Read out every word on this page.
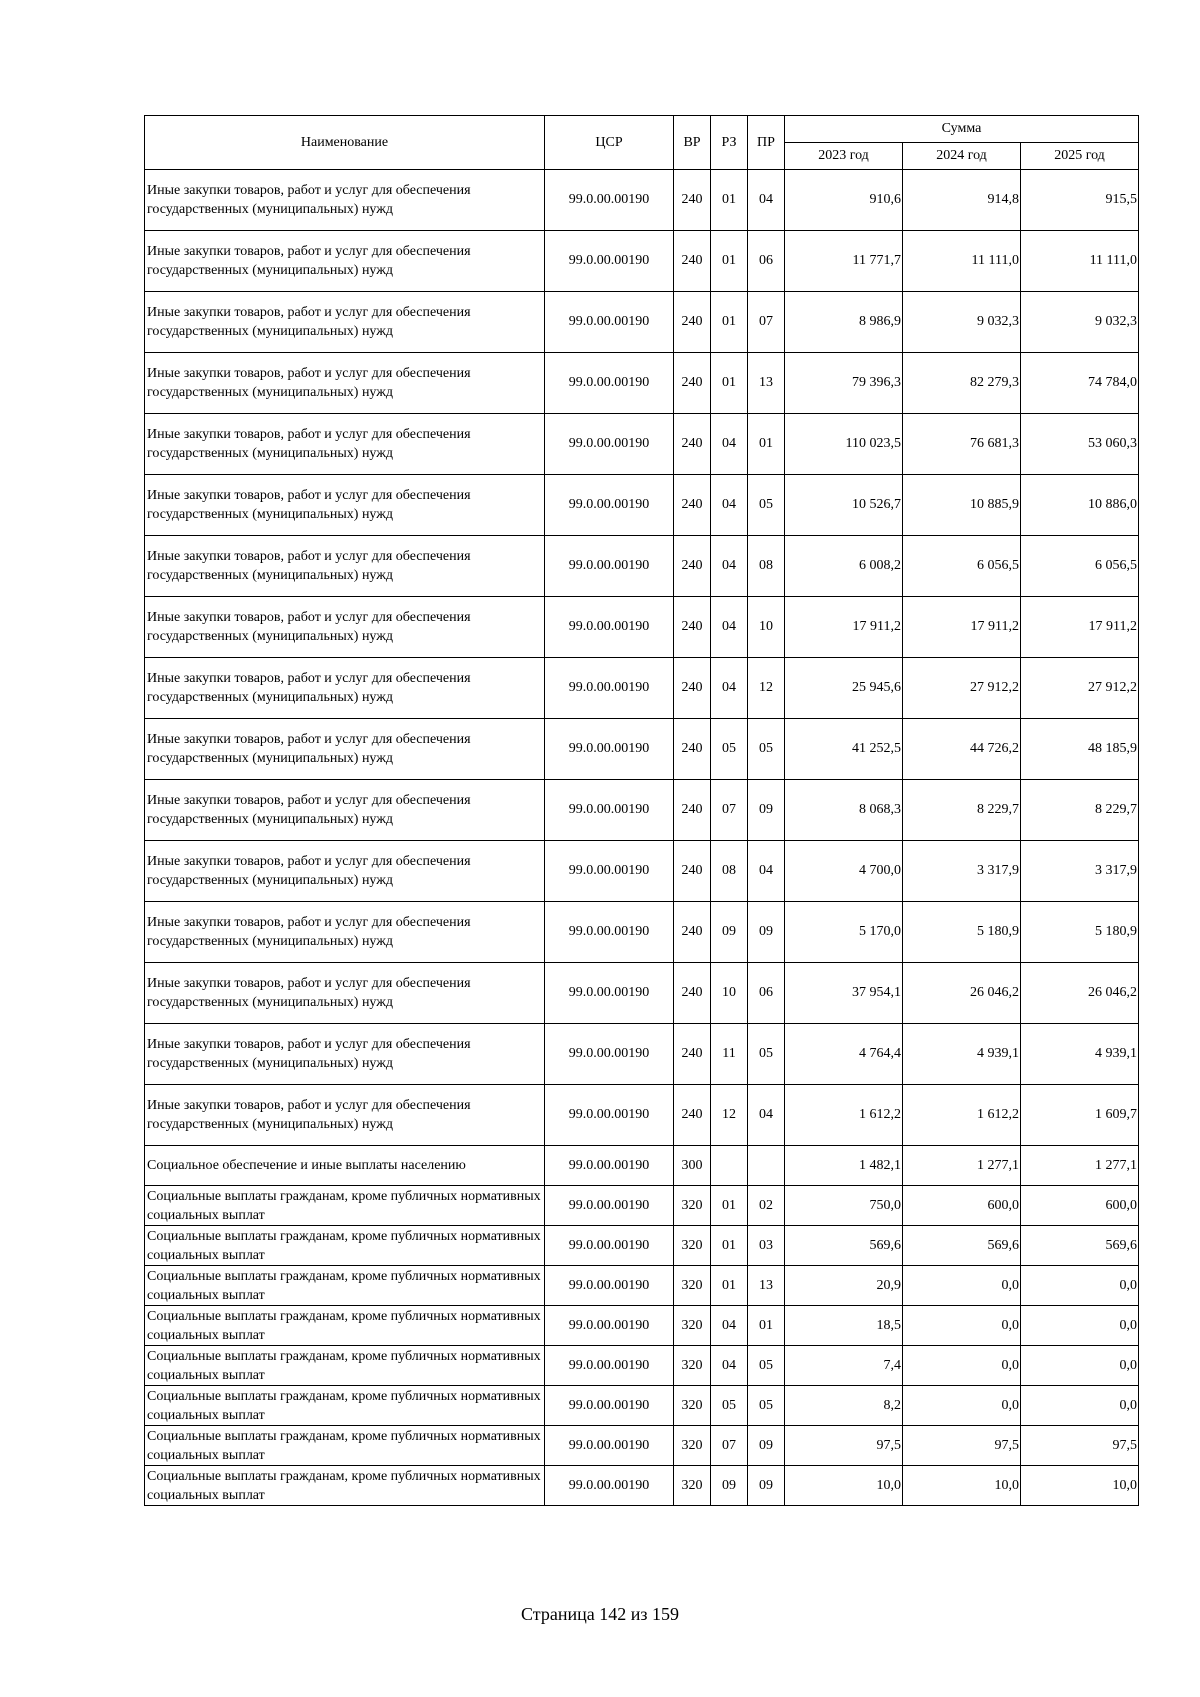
Наименование	ЦСР	ВР	РЗ	ПР	Сумма		
					2023 год	2024 год	2025 год
Иные закупки товаров, работ и услуг для обеспечения государственных (муниципальных) нужд	99.0.00.00190	240	01	04	910,6	914,8	915,5
Иные закупки товаров, работ и услуг для обеспечения государственных (муниципальных) нужд	99.0.00.00190	240	01	06	11 771,7	11 111,0	11 111,0
Иные закупки товаров, работ и услуг для обеспечения государственных (муниципальных) нужд	99.0.00.00190	240	01	07	8 986,9	9 032,3	9 032,3
Иные закупки товаров, работ и услуг для обеспечения государственных (муниципальных) нужд	99.0.00.00190	240	01	13	79 396,3	82 279,3	74 784,0
Иные закупки товаров, работ и услуг для обеспечения государственных (муниципальных) нужд	99.0.00.00190	240	04	01	110 023,5	76 681,3	53 060,3
Иные закупки товаров, работ и услуг для обеспечения государственных (муниципальных) нужд	99.0.00.00190	240	04	05	10 526,7	10 885,9	10 886,0
Иные закупки товаров, работ и услуг для обеспечения государственных (муниципальных) нужд	99.0.00.00190	240	04	08	6 008,2	6 056,5	6 056,5
Иные закупки товаров, работ и услуг для обеспечения государственных (муниципальных) нужд	99.0.00.00190	240	04	10	17 911,2	17 911,2	17 911,2
Иные закупки товаров, работ и услуг для обеспечения государственных (муниципальных) нужд	99.0.00.00190	240	04	12	25 945,6	27 912,2	27 912,2
Иные закупки товаров, работ и услуг для обеспечения государственных (муниципальных) нужд	99.0.00.00190	240	05	05	41 252,5	44 726,2	48 185,9
Иные закупки товаров, работ и услуг для обеспечения государственных (муниципальных) нужд	99.0.00.00190	240	07	09	8 068,3	8 229,7	8 229,7
Иные закупки товаров, работ и услуг для обеспечения государственных (муниципальных) нужд	99.0.00.00190	240	08	04	4 700,0	3 317,9	3 317,9
Иные закупки товаров, работ и услуг для обеспечения государственных (муниципальных) нужд	99.0.00.00190	240	09	09	5 170,0	5 180,9	5 180,9
Иные закупки товаров, работ и услуг для обеспечения государственных (муниципальных) нужд	99.0.00.00190	240	10	06	37 954,1	26 046,2	26 046,2
Иные закупки товаров, работ и услуг для обеспечения государственных (муниципальных) нужд	99.0.00.00190	240	11	05	4 764,4	4 939,1	4 939,1
Иные закупки товаров, работ и услуг для обеспечения государственных (муниципальных) нужд	99.0.00.00190	240	12	04	1 612,2	1 612,2	1 609,7
Социальное обеспечение и иные выплаты населению	99.0.00.00190	300			1 482,1	1 277,1	1 277,1
Социальные выплаты гражданам, кроме публичных нормативных социальных выплат	99.0.00.00190	320	01	02	750,0	600,0	600,0
Социальные выплаты гражданам, кроме публичных нормативных социальных выплат	99.0.00.00190	320	01	03	569,6	569,6	569,6
Социальные выплаты гражданам, кроме публичных нормативных социальных выплат	99.0.00.00190	320	01	13	20,9	0,0	0,0
Социальные выплаты гражданам, кроме публичных нормативных социальных выплат	99.0.00.00190	320	04	01	18,5	0,0	0,0
Социальные выплаты гражданам, кроме публичных нормативных социальных выплат	99.0.00.00190	320	04	05	7,4	0,0	0,0
Социальные выплаты гражданам, кроме публичных нормативных социальных выплат	99.0.00.00190	320	05	05	8,2	0,0	0,0
Социальные выплаты гражданам, кроме публичных нормативных социальных выплат	99.0.00.00190	320	07	09	97,5	97,5	97,5
Социальные выплаты гражданам, кроме публичных нормативных социальных выплат	99.0.00.00190	320	09	09	10,0	10,0	10,0
Страница 142 из 159
